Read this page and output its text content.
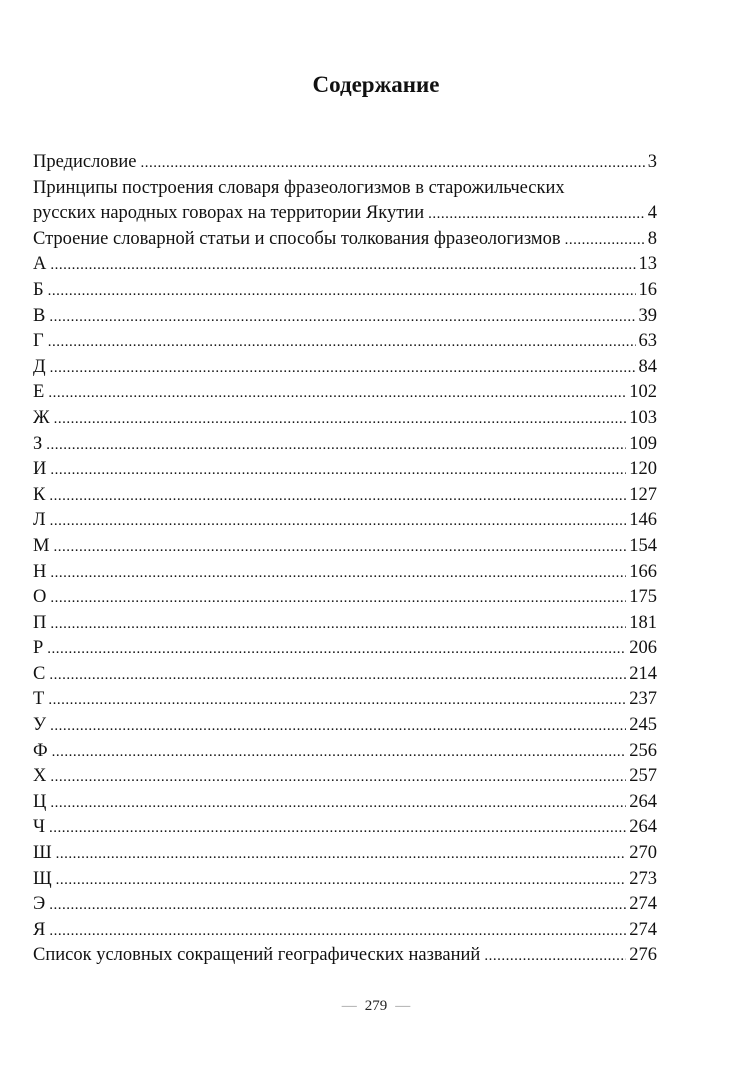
Содержание
Предисловие .....	3
Принципы построения словаря фразеологизмов в старожильческих
русских народных говорах на территории Якутии .....	4
Строение словарной статьи и способы толкования фразеологизмов .....	8
А .....	13
Б .....	16
В .....	39
Г .....	63
Д .....	84
Е .....	102
Ж .....	103
З .....	109
И .....	120
К .....	127
Л .....	146
М .....	154
Н .....	166
О .....	175
П .....	181
Р .....	206
С .....	214
Т .....	237
У .....	245
Ф .....	256
Х .....	257
Ц .....	264
Ч .....	264
Ш .....	270
Щ .....	273
Э .....	274
Я .....	274
Список условных сокращений географических названий .....	276
— 279 —
